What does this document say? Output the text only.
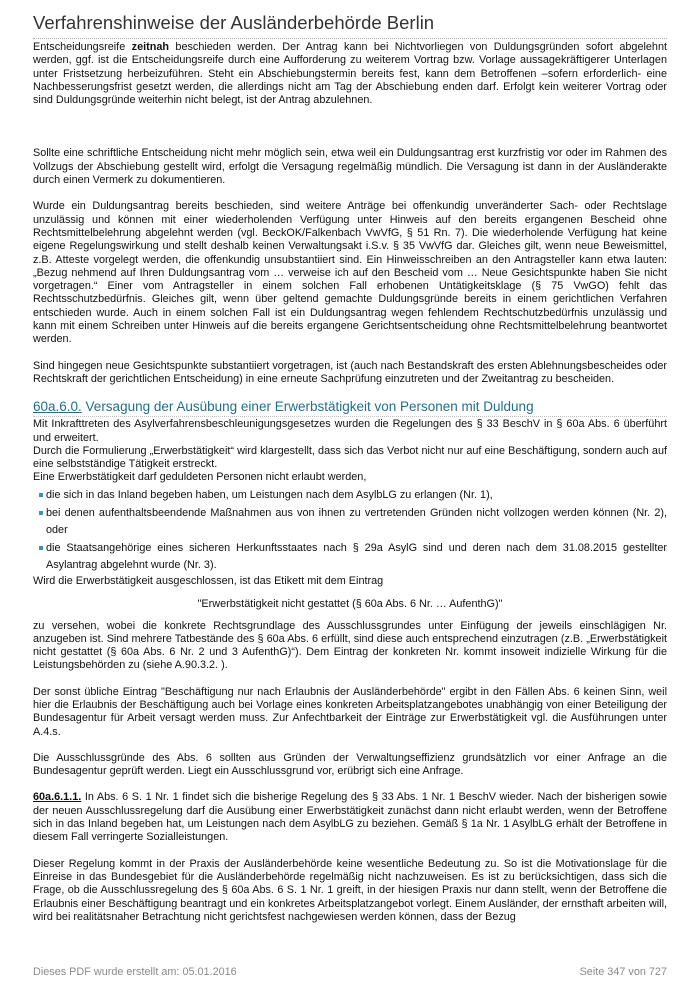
Verfahrenshinweise der Ausländerbehörde Berlin

Entscheidungsreife zeitnah beschieden werden. Der Antrag kann bei Nichtvorliegen von Duldungsgründen sofort abgelehnt werden, ggf. ist die Entscheidungsreife durch eine Aufforderung zu weiterem Vortrag bzw. Vorlage aussagekräftigerer Unterlagen unter Fristsetzung herbeizuführen. Steht ein Abschiebungstermin bereits fest, kann dem Betroffenen –sofern erforderlich- eine Nachbesserungsfrist gesetzt werden, die allerdings nicht am Tag der Abschiebung enden darf. Erfolgt kein weiterer Vortrag oder sind Duldungsgründe weiterhin nicht belegt, ist der Antrag abzulehnen.

Sollte eine schriftliche Entscheidung nicht mehr möglich sein, etwa weil ein Duldungsantrag erst kurzfristig vor oder im Rahmen des Vollzugs der Abschiebung gestellt wird, erfolgt die Versagung regelmäßig mündlich. Die Versagung ist dann in der Ausländerakte durch einen Vermerk zu dokumentieren.

Wurde ein Duldungsantrag bereits beschieden, sind weitere Anträge bei offenkundig unveränderter Sach- oder Rechtslage unzulässig und können mit einer wiederholenden Verfügung unter Hinweis auf den bereits ergangenen Bescheid ohne Rechtsmittelbelehrung abgelehnt werden (vgl. BeckOK/Falkenbach VwVfG, § 51 Rn. 7). Die wiederholende Verfügung hat keine eigene Regelungswirkung und stellt deshalb keinen Verwaltungsakt i.S.v. § 35 VwVfG dar. Gleiches gilt, wenn neue Beweismittel, z.B. Atteste vorgelegt werden, die offenkundig unsubstantiiert sind. Ein Hinweisschreiben an den Antragsteller kann etwa lauten: „Bezug nehmend auf Ihren Duldungsantrag vom … verweise ich auf den Bescheid vom … Neue Gesichtspunkte haben Sie nicht vorgetragen.“ Einer vom Antragsteller in einem solchen Fall erhobenen Untätigkeitsklage (§ 75 VwGO) fehlt das Rechtsschutzbedürfnis. Gleiches gilt, wenn über geltend gemachte Duldungsgründe bereits in einem gerichtlichen Verfahren entschieden wurde. Auch in einem solchen Fall ist ein Duldungsantrag wegen fehlendem Rechtschutzbedürfnis unzulässig und kann mit einem Schreiben unter Hinweis auf die bereits ergangene Gerichtsentscheidung ohne Rechtsmittelbelehrung beantwortet werden.

Sind hingegen neue Gesichtspunkte substantiiert vorgetragen, ist (auch nach Bestandskraft des ersten Ablehnungsbescheides oder Rechtskraft der gerichtlichen Entscheidung) in eine erneute Sachprüfung einzutreten und der Zweitantrag zu bescheiden.

60a.6.0. Versagung der Ausübung einer Erwerbstätigkeit von Personen mit Duldung

Mit Inkrafttreten des Asylverfahrensbeschleunigungsgesetzes wurden die Regelungen des § 33 BeschV in § 60a Abs. 6 überführt und erweitert.

Durch die Formulierung „Erwerbstätigkeit“ wird klargestellt, dass sich das Verbot nicht nur auf eine Beschäftigung, sondern auch auf eine selbstständige Tätigkeit erstreckt.

Eine Erwerbstätigkeit darf geduldeten Personen nicht erlaubt werden,

die sich in das Inland begeben haben, um Leistungen nach dem AsylbLG zu erlangen (Nr. 1),
bei denen aufenthaltsbeendende Maßnahmen aus von ihnen zu vertretenden Gründen nicht vollzogen werden können (Nr. 2), oder
die Staatsangehörige eines sicheren Herkunftsstaates nach § 29a AsylG sind und deren nach dem 31.08.2015 gestellter Asylantrag abgelehnt wurde (Nr. 3).

Wird die Erwerbstätigkeit ausgeschlossen, ist das Etikett mit dem Eintrag

"Erwerbstätigkeit nicht gestattet (§ 60a Abs. 6 Nr. … AufenthG)"

zu versehen, wobei die konkrete Rechtsgrundlage des Ausschlussgrundes unter Einfügung der jeweils einschlägigen Nr. anzugeben ist. Sind mehrere Tatbestände des § 60a Abs. 6 erfüllt, sind diese auch entsprechend einzutragen (z.B. „Erwerbstätigkeit nicht gestattet (§ 60a Abs. 6 Nr. 2 und 3 AufenthG)“). Dem Eintrag der konkreten Nr. kommt insoweit indizielle Wirkung für die Leistungsbehörden zu (siehe A.90.3.2. ).

Der sonst übliche Eintrag "Beschäftigung nur nach Erlaubnis der Ausländerbehörde" ergibt in den Fällen Abs. 6 keinen Sinn, weil hier die Erlaubnis der Beschäftigung auch bei Vorlage eines konkreten Arbeitsplatzangebotes unabhängig von einer Beteiligung der Bundesagentur für Arbeit versagt werden muss. Zur Anfechtbarkeit der Einträge zur Erwerbstätigkeit vgl. die Ausführungen unter A.4.s.

Die Ausschlussgründe des Abs. 6 sollten aus Gründen der Verwaltungseffizienz grundsätzlich vor einer Anfrage an die Bundesagentur geprüft werden. Liegt ein Ausschlussgrund vor, erübrigt sich eine Anfrage.

60a.6.1.1. In Abs. 6 S. 1 Nr. 1 findet sich die bisherige Regelung des § 33 Abs. 1 Nr. 1 BeschV wieder. Nach der bisherigen sowie der neuen Ausschlussregelung darf die Ausübung einer Erwerbstätigkeit zunächst dann nicht erlaubt werden, wenn der Betroffene sich in das Inland begeben hat, um Leistungen nach dem AsylbLG zu beziehen. Gemäß § 1a Nr. 1 AsylbLG erhält der Betroffene in diesem Fall verringerte Sozialleistungen.

Dieser Regelung kommt in der Praxis der Ausländerbehörde keine wesentliche Bedeutung zu. So ist die Motivationslage für die Einreise in das Bundesgebiet für die Ausländerbehörde regelmäßig nicht nachzuweisen. Es ist zu berücksichtigen, dass sich die Frage, ob die Ausschlussregelung des § 60a Abs. 6 S. 1 Nr. 1 greift, in der hiesigen Praxis nur dann stellt, wenn der Betroffene die Erlaubnis einer Beschäftigung beantragt und ein konkretes Arbeitsplatzangebot vorlegt. Einem Ausländer, der ernsthaft arbeiten will, wird bei realitätsnaher Betrachtung nicht gerichtsfest nachgewiesen werden können, dass der Bezug

Dieses PDF wurde erstellt am: 05.01.2016	Seite 347 von 727
